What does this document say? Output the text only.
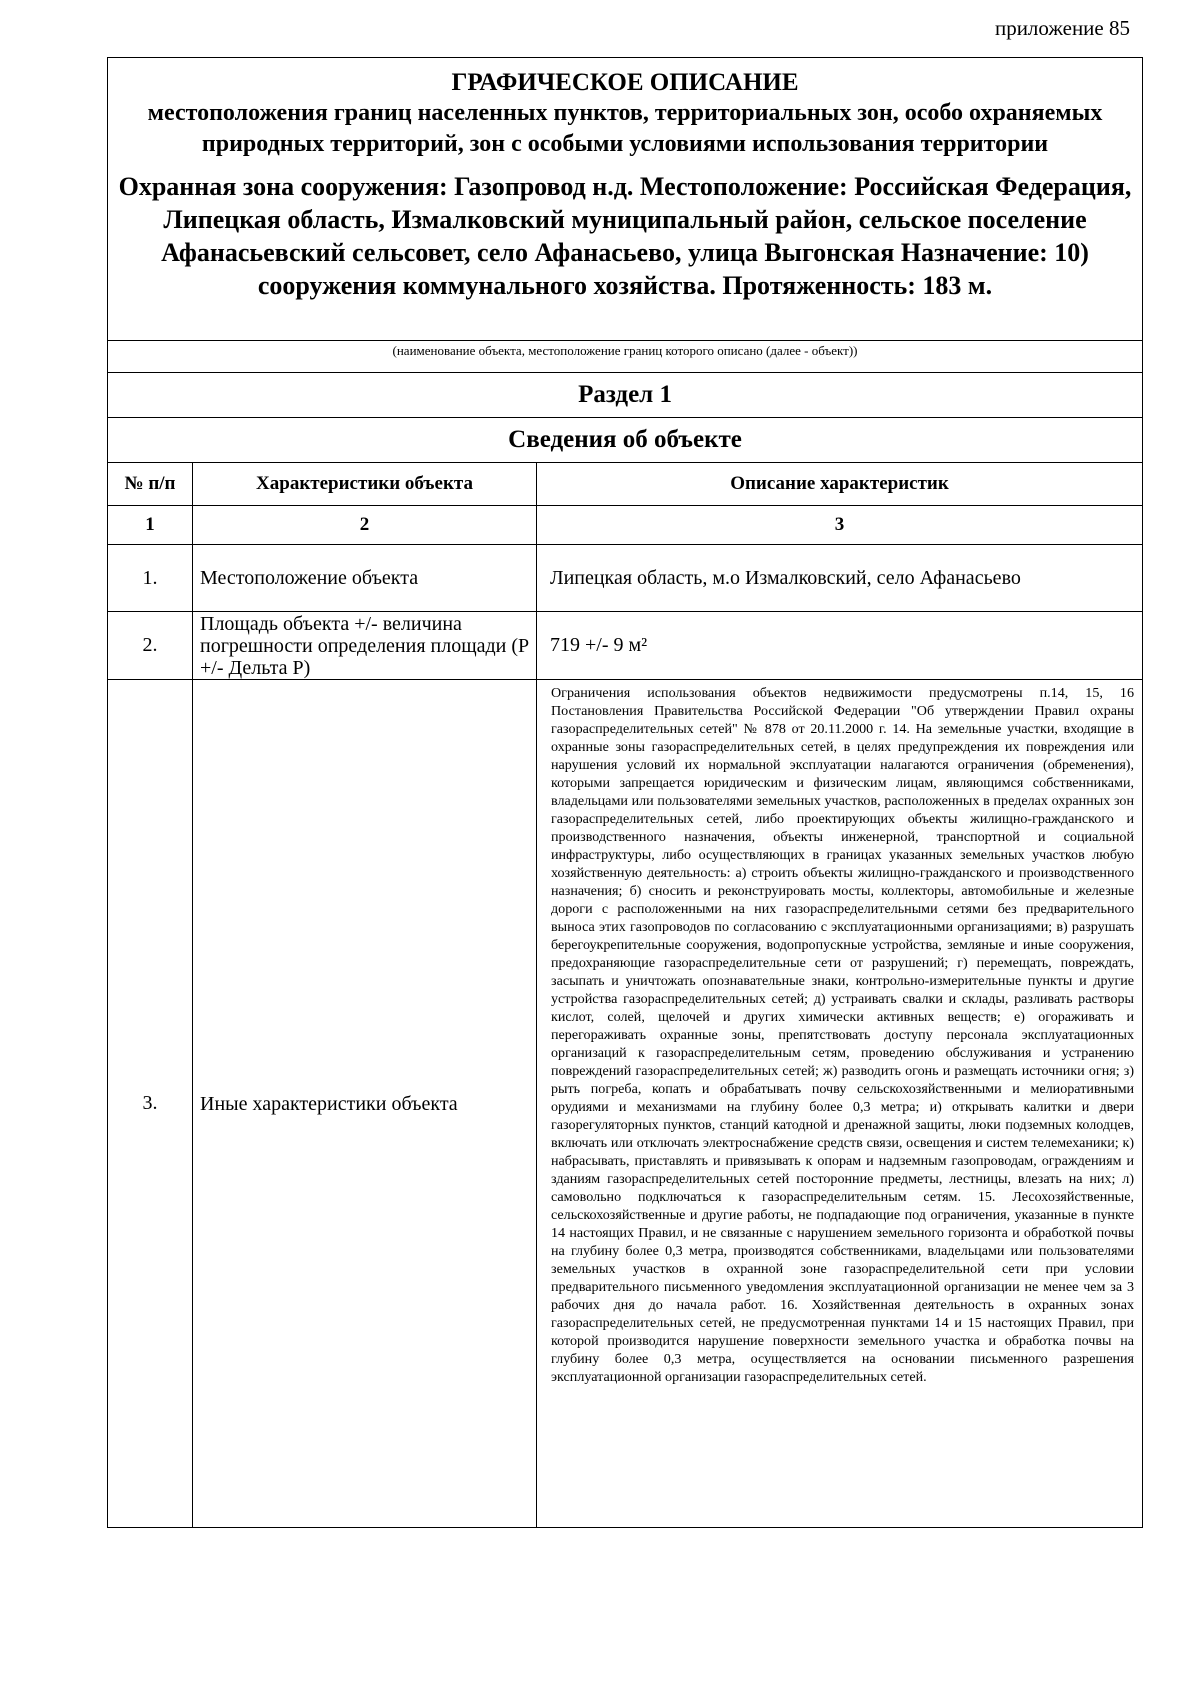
приложение 85
ГРАФИЧЕСКОЕ ОПИСАНИЕ
местоположения границ населенных пунктов, территориальных зон, особо охраняемых природных территорий, зон с особыми условиями использования территории
Охранная зона сооружения: Газопровод н.д. Местоположение: Российская Федерация, Липецкая область, Измалковский муниципальный район, сельское поселение Афанасьевский сельсовет, село Афанасьево, улица Выгонская Назначение: 10) сооружения коммунального хозяйства. Протяженность: 183 м.		

(наименование объекта, местоположение границ которого описано (далее - объект))		
Раздел 1		
Сведения об объекте		
№ п/п	Характеристики объекта	Описание характеристик
1	2	3
1.	Местоположение объекта	Липецкая область, м.о Измалковский, село Афанасьево
2.	Площадь объекта +/- величина погрешности определения площади (P +/- Дельта P)	719 +/- 9 м²
3.	Иные характеристики объекта	Ограничения использования объектов недвижимости предусмотрены п.14, 15, 16 Постановления Правительства Российской Федерации "Об утверждении Правил охраны газораспределительных сетей" № 878 от 20.11.2000 г. 14. На земельные участки, входящие в охранные зоны газораспределительных сетей, в целях предупреждения их повреждения или нарушения условий их нормальной эксплуатации налагаются ограничения (обременения), которыми запрещается юридическим и физическим лицам, являющимся собственниками, владельцами или пользователями земельных участков, расположенных в пределах охранных зон газораспределительных сетей, либо проектирующих объекты жилищно-гражданского и производственного назначения, объекты инженерной, транспортной и социальной инфраструктуры, либо осуществляющих в границах указанных земельных участков любую хозяйственную деятельность: а) строить объекты жилищно-гражданского и производственного назначения; б) сносить и реконструировать мосты, коллекторы, автомобильные и железные дороги с расположенными на них газораспределительными сетями без предварительного выноса этих газопроводов по согласованию с эксплуатационными организациями; в) разрушать берегоукрепительные сооружения, водопропускные устройства, земляные и иные сооружения, предохраняющие газораспределительные сети от разрушений; г) перемещать, повреждать, засыпать и уничтожать опознавательные знаки, контрольно-измерительные пункты и другие устройства газораспределительных сетей; д) устраивать свалки и склады, разливать растворы кислот, солей, щелочей и других химически активных веществ; е) огораживать и перегораживать охранные зоны, препятствовать доступу персонала эксплуатационных организаций к газораспределительным сетям, проведению обслуживания и устранению повреждений газораспределительных сетей; ж) разводить огонь и размещать источники огня; з) рыть погреба, копать и обрабатывать почву сельскохозяйственными и мелиоративными орудиями и механизмами на глубину более 0,3 метра; и) открывать калитки и двери газорегуляторных пунктов, станций катодной и дренажной защиты, люки подземных колодцев, включать или отключать электроснабжение средств связи, освещения и систем телемеханики; к) набрасывать, приставлять и привязывать к опорам и надземным газопроводам, ограждениям и зданиям газораспределительных сетей посторонние предметы, лестницы, влезать на них; л) самовольно подключаться к газораспределительным сетям. 15. Лесохозяйственные, сельскохозяйственные и другие работы, не подпадающие под ограничения, указанные в пункте 14 настоящих Правил, и не связанные с нарушением земельного горизонта и обработкой почвы на глубину более 0,3 метра, производятся собственниками, владельцами или пользователями земельных участков в охранной зоне газораспределительной сети при условии предварительного письменного уведомления эксплуатационной организации не менее чем за 3 рабочих дня до начала работ. 16. Хозяйственная деятельность в охранных зонах газораспределительных сетей, не предусмотренная пунктами 14 и 15 настоящих Правил, при которой производится нарушение поверхности земельного участка и обработка почвы на глубину более 0,3 метра, осуществляется на основании письменного разрешения эксплуатационной организации газораспределительных сетей.
